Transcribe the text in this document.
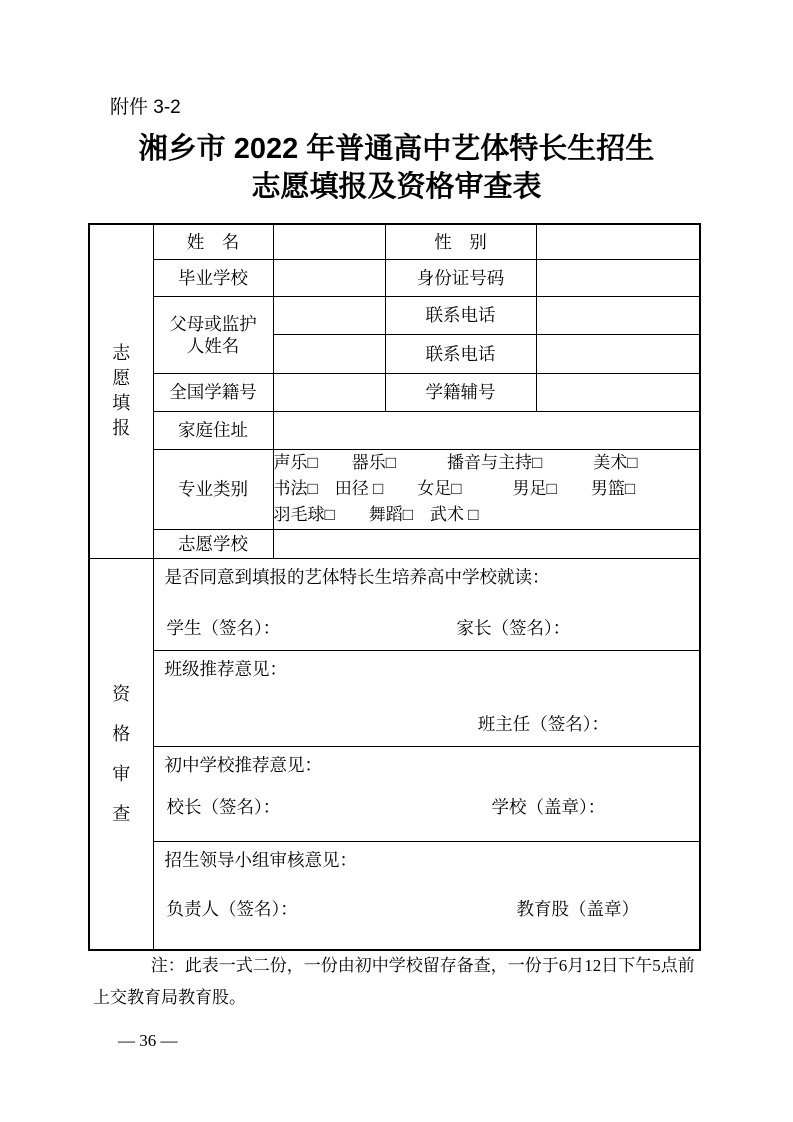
附件 3-2
湘乡市 2022 年普通高中艺体特长生招生
志愿填报及资格审查表
志愿填报	姓　名		性　别	
	毕业学校		身份证号码	

	父母或监护
人姓名		联系电话	
			联系电话	
	全国学籍号		学籍辅号	
	家庭住址			
	专业类别	声乐□　　器乐□　　　播音与主持□　　　美术□
书法□　田径 □　　女足□　　　男足□　　男篮□
羽毛球□　　舞蹈□　武术 □		

	志愿学校			

资格审查	是否同意到填报的艺体特长生培养高中学校就读：
学生（签名）： 家长（签名）：			

	班级推荐意见：
班主任（签名）：			

	初中学校推荐意见：
校长（签名）： 学校（盖章）：			

	招生领导小组审核意见：
负责人（签名）： 教育股（盖章）			
注：此表一式二份，一份由初中学校留存备查，一份于6月12日下午5点前上交教育局教育股。
— 36 —
